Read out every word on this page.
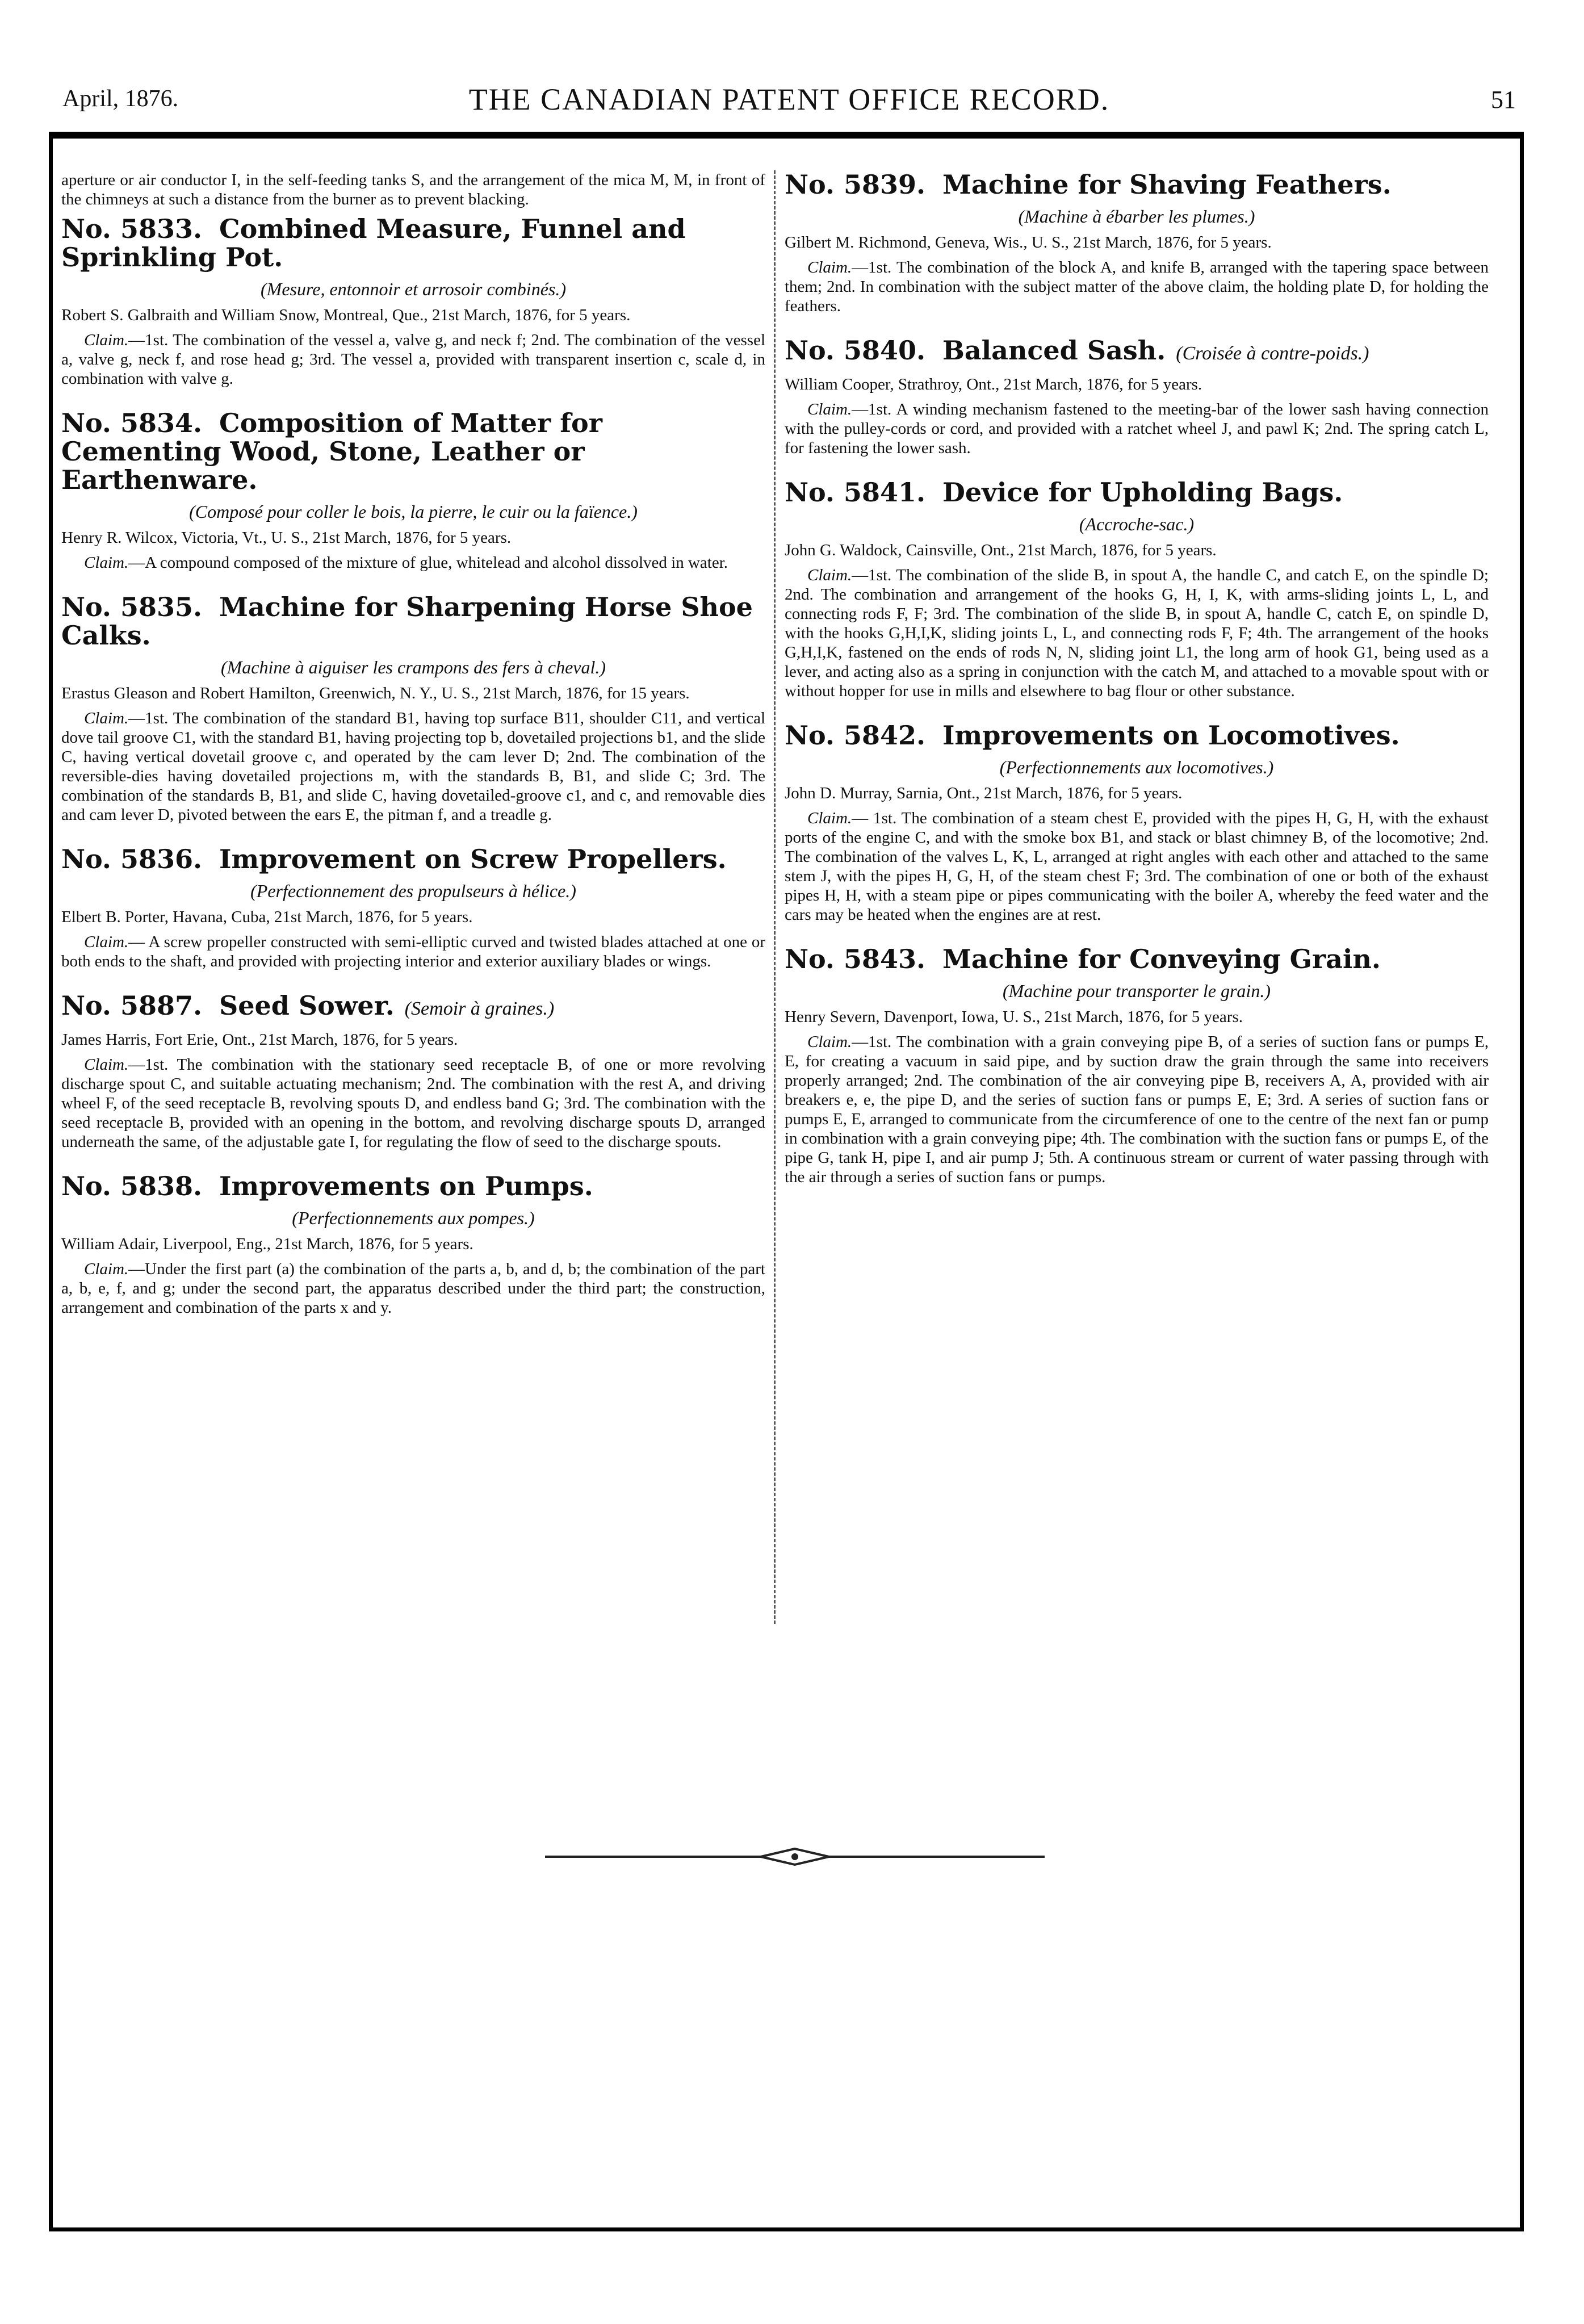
April, 1876.	THE CANADIAN PATENT OFFICE RECORD.	51

aperture or air conductor I, in the self-feeding tanks S, and the arrangement of the mica M, M, in front of the chimneys at such a distance from the burner as to prevent blacking.

No. 5833. Combined Measure, Funnel and Sprinkling Pot.

(Mesure, entonnoir et arrosoir combinés.)

Robert S. Galbraith and William Snow, Montreal, Que., 21st March, 1876, for 5 years.

Claim.—1st. The combination of the vessel a, valve g, and neck f; 2nd. The combination of the vessel a, valve g, neck f, and rose head g; 3rd. The vessel a, provided with transparent insertion c, scale d, in combination with valve g.

No. 5834. Composition of Matter for Cementing Wood, Stone, Leather or Earthenware.

(Composé pour coller le bois, la pierre, le cuir ou la faïence.)

Henry R. Wilcox, Victoria, Vt., U. S., 21st March, 1876, for 5 years.

Claim.—A compound composed of the mixture of glue, whitelead and alcohol dissolved in water.

No. 5835. Machine for Sharpening Horse Shoe Calks.

(Machine à aiguiser les crampons des fers à cheval.)

Erastus Gleason and Robert Hamilton, Greenwich, N. Y., U. S., 21st March, 1876, for 15 years.

Claim.—1st. The combination of the standard B1, having top surface B11, shoulder C11, and vertical dove tail groove C1, with the standard B1, having projecting top b, dovetailed projections b1, and the slide C, having vertical dovetail groove c, and operated by the cam lever D; 2nd. The combination of the reversible-dies having dovetailed projections m, with the standards B, B1, and slide C; 3rd. The combination of the standards B, B1, and slide C, having dovetailed-groove c1, and c, and removable dies and cam lever D, pivoted between the ears E, the pitman f, and a treadle g.

No. 5836. Improvement on Screw Propellers.

(Perfectionnement des propulseurs à hélice.)

Elbert B. Porter, Havana, Cuba, 21st March, 1876, for 5 years.

Claim.— A screw propeller constructed with semi-elliptic curved and twisted blades attached at one or both ends to the shaft, and provided with projecting interior and exterior auxiliary blades or wings.

No. 5887. Seed Sower. (Semoir à graines.)

James Harris, Fort Erie, Ont., 21st March, 1876, for 5 years.

Claim.—1st. The combination with the stationary seed receptacle B, of one or more revolving discharge spout C, and suitable actuating mechanism; 2nd. The combination with the rest A, and driving wheel F, of the seed receptacle B, revolving spouts D, and endless band G; 3rd. The combination with the seed receptacle B, provided with an opening in the bottom, and revolving discharge spouts D, arranged underneath the same, of the adjustable gate I, for regulating the flow of seed to the discharge spouts.

No. 5838. Improvements on Pumps.

(Perfectionnements aux pompes.)

William Adair, Liverpool, Eng., 21st March, 1876, for 5 years.

Claim.—Under the first part (a) the combination of the parts a, b, and d, b; the combination of the part a, b, e, f, and g; under the second part, the apparatus described under the third part; the construction, arrangement and combination of the parts x and y.

No. 5839. Machine for Shaving Feathers.

(Machine à ébarber les plumes.)

Gilbert M. Richmond, Geneva, Wis., U. S., 21st March, 1876, for 5 years.

Claim.—1st. The combination of the block A, and knife B, arranged with the tapering space between them; 2nd. In combination with the subject matter of the above claim, the holding plate D, for holding the feathers.

No. 5840. Balanced Sash. (Croisée à contre-poids.)

William Cooper, Strathroy, Ont., 21st March, 1876, for 5 years.

Claim.—1st. A winding mechanism fastened to the meeting-bar of the lower sash having connection with the pulley-cords or cord, and provided with a ratchet wheel J, and pawl K; 2nd. The spring catch L, for fastening the lower sash.

No. 5841. Device for Upholding Bags.

(Accroche-sac.)

John G. Waldock, Cainsville, Ont., 21st March, 1876, for 5 years.

Claim.—1st. The combination of the slide B, in spout A, the handle C, and catch E, on the spindle D; 2nd. The combination and arrangement of the hooks G, H, I, K, with arms-sliding joints L, L, and connecting rods F, F; 3rd. The combination of the slide B, in spout A, handle C, catch E, on spindle D, with the hooks G,H,I,K, sliding joints L, L, and connecting rods F, F; 4th. The arrangement of the hooks G,H,I,K, fastened on the ends of rods N, N, sliding joint L1, the long arm of hook G1, being used as a lever, and acting also as a spring in conjunction with the catch M, and attached to a movable spout with or without hopper for use in mills and elsewhere to bag flour or other substance.

No. 5842. Improvements on Locomotives.

(Perfectionnements aux locomotives.)

John D. Murray, Sarnia, Ont., 21st March, 1876, for 5 years.

Claim.— 1st. The combination of a steam chest E, provided with the pipes H, G, H, with the exhaust ports of the engine C, and with the smoke box B1, and stack or blast chimney B, of the locomotive; 2nd. The combination of the valves L, K, L, arranged at right angles with each other and attached to the same stem J, with the pipes H, G, H, of the steam chest F; 3rd. The combination of one or both of the exhaust pipes H, H, with a steam pipe or pipes communicating with the boiler A, whereby the feed water and the cars may be heated when the engines are at rest.

No. 5843. Machine for Conveying Grain.

(Machine pour transporter le grain.)

Henry Severn, Davenport, Iowa, U. S., 21st March, 1876, for 5 years.

Claim.—1st. The combination with a grain conveying pipe B, of a series of suction fans or pumps E, E, for creating a vacuum in said pipe, and by suction draw the grain through the same into receivers properly arranged; 2nd. The combination of the air conveying pipe B, receivers A, A, provided with air breakers e, e, the pipe D, and the series of suction fans or pumps E, E; 3rd. A series of suction fans or pumps E, E, arranged to communicate from the circumference of one to the centre of the next fan or pump in combination with a grain conveying pipe; 4th. The combination with the suction fans or pumps E, of the pipe G, tank H, pipe I, and air pump J; 5th. A continuous stream or current of water passing through with the air through a series of suction fans or pumps.
